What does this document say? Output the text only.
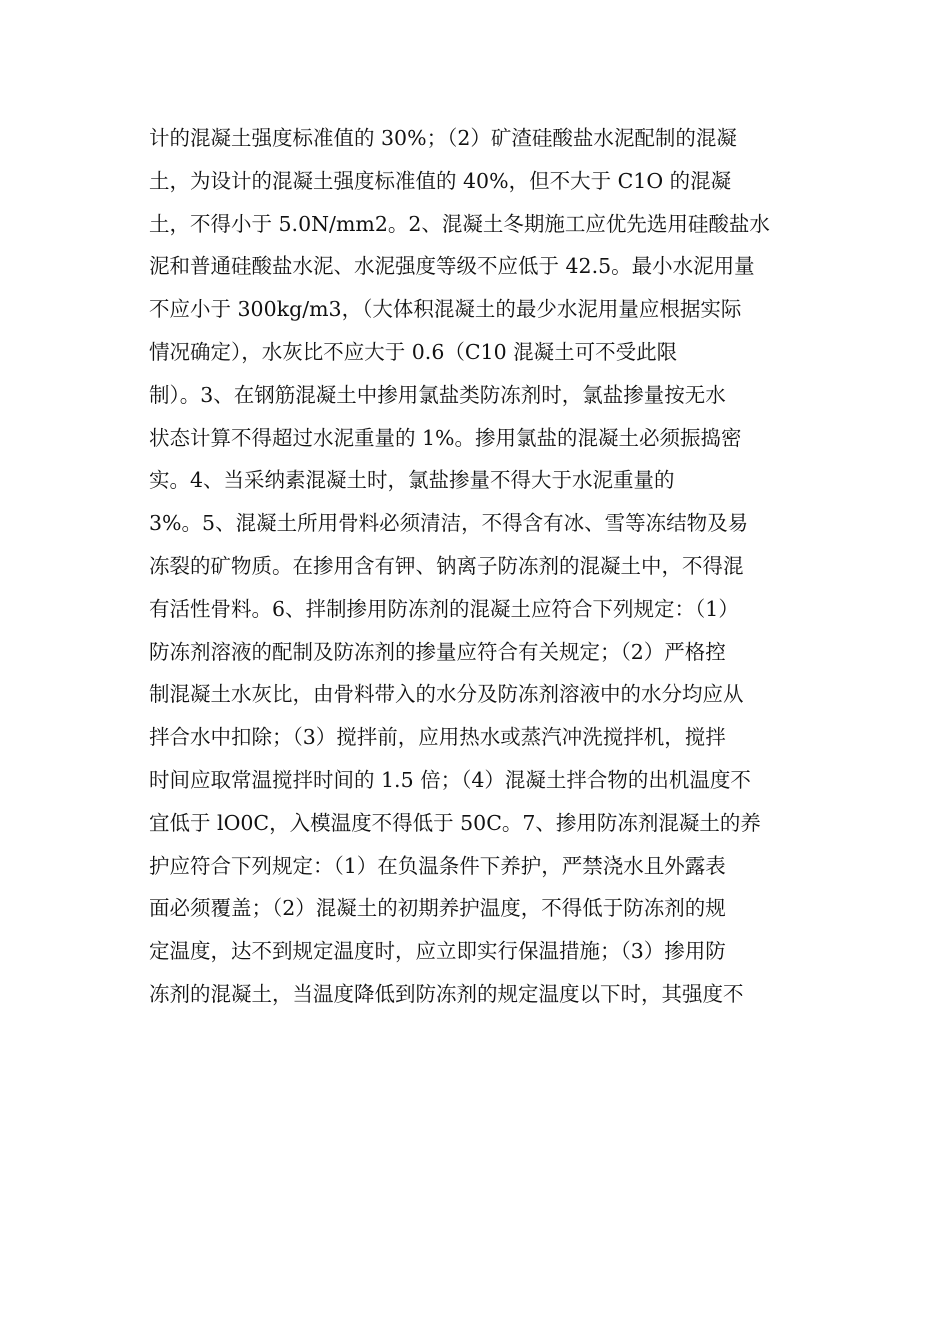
计的混凝土强度标准值的 30%；（2）矿渣硅酸盐水泥配制的混凝
土，为设计的混凝土强度标准值的 40%，但不大于 C1O 的混凝
土，不得小于 5.0N/mm2。2、混凝土冬期施工应优先选用硅酸盐水
泥和普通硅酸盐水泥、水泥强度等级不应低于 42.5。最小水泥用量
不应小于 300kg/m3，（大体积混凝土的最少水泥用量应根据实际
情况确定），水灰比不应大于 0.6（C10 混凝土可不受此限
制）。3、在钢筋混凝土中掺用氯盐类防冻剂时，氯盐掺量按无水
状态计算不得超过水泥重量的 1%。掺用氯盐的混凝土必须振捣密
实。4、当采纳素混凝土时，氯盐掺量不得大于水泥重量的
3%。5、混凝土所用骨料必须清洁，不得含有冰、雪等冻结物及易
冻裂的矿物质。在掺用含有钾、钠离子防冻剂的混凝土中，不得混
有活性骨料。6、拌制掺用防冻剂的混凝土应符合下列规定：（1）
防冻剂溶液的配制及防冻剂的掺量应符合有关规定；（2）严格控
制混凝土水灰比，由骨料带入的水分及防冻剂溶液中的水分均应从
拌合水中扣除；（3）搅拌前，应用热水或蒸汽冲洗搅拌机，搅拌
时间应取常温搅拌时间的 1.5 倍；（4）混凝土拌合物的出机温度不
宜低于 lO0C，入模温度不得低于 50C。7、掺用防冻剂混凝土的养
护应符合下列规定：（1）在负温条件下养护，严禁浇水且外露表
面必须覆盖；（2）混凝土的初期养护温度，不得低于防冻剂的规
定温度，达不到规定温度时，应立即实行保温措施；（3）掺用防
冻剂的混凝土，当温度降低到防冻剂的规定温度以下时，其强度不
